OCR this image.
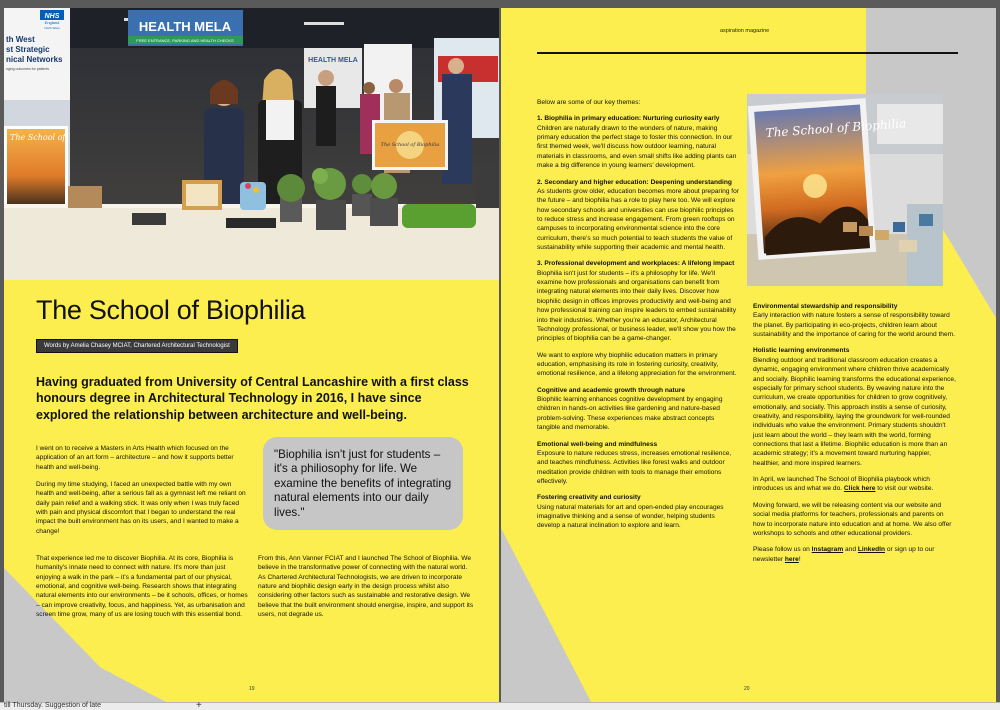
HEALTH MELA
FREE ENTRANCE, PARKING AND HEALTH CHECKS
NHS
England
North West
th West
st Strategic
nical Networks
nging outcomes for patients
The School of
HEALTH MELA
The School of Biophilia
The School of Biophilia
Words by Amelia Chasey MCIAT, Chartered Architectural Technologist

Having graduated from University of Central Lancashire with a first class honours degree in Architectural Technology in 2016, I have since explored the relationship between architecture and well-being.

I went on to receive a Masters in Arts Health which focused on the application of an art form – architecture – and how it supports better health and well-being.

During my time studying, I faced an unexpected battle with my own health and well-being, after a serious fall as a gymnast left me reliant on daily pain relief and a walking stick. It was only when I was truly faced with pain and physical discomfort that I began to understand the real impact the built environment has on its users, and I wanted to make a change!

That experience led me to discover Biophilia. At its core, Biophilia is humanity's innate need to connect with nature. It's more than just enjoying a walk in the park – it's a fundamental part of our physical, emotional, and cognitive well-being. Research shows that integrating natural elements into our environments – be it schools, offices, or homes – can improve creativity, focus, and happiness. Yet, as urbanisation and screen time grow, many of us are losing touch with this essential bond.

From this, Ann Vanner FCIAT and I launched The School of Biophilia. We believe in the transformative power of connecting with the natural world. As Chartered Architectural Technologists, we are driven to incorporate nature and biophilic design early in the design process whilst also considering other factors such as sustainable and restorative design. We believe that the built environment should energise, inspire, and support its users, not degrade us.

"Biophilia isn't just for students – it's a philiosophy for life. We examine the benefits of integrating natural elements into our daily lives."
19
aspiration magazine
The School of Biophilia

Below are some of our key themes:

1. Biophilia in primary education: Nurturing curiosity early

Children are naturally drawn to the wonders of nature, making primary education the perfect stage to foster this connection. In our first themed week, we'll discuss how outdoor learning, natural materials in classrooms, and even small shifts like adding plants can make a big difference in young learners' development.

2. Secondary and higher education: Deepening understanding

As students grow older, education becomes more about preparing for the future – and biophilia has a role to play here too. We will explore how secondary schools and universities can use biophilic principles to reduce stress and increase engagement. From green rooftops on campuses to incorporating environmental science into the core curriculum, there's so much potential to teach students the value of sustainability while supporting their academic and mental health.

3. Professional development and workplaces: A lifelong impact

Biophilia isn't just for students – it's a philosophy for life. We'll examine how professionals and organisations can benefit from integrating natural elements into their daily lives. Discover how biophilic design in offices improves productivity and well-being and how professional training can inspire leaders to embed sustainability into their industries. Whether you're an educator, Architectural Technology professional, or business leader, we'll show you how the principles of biophilia can be a game-changer.

We want to explore why biophilic education matters in primary education, emphasising its role in fostering curiosity, creativity, emotional resilience, and a lifelong appreciation for the environment.

Cognitive and academic growth through nature

Biophilic learning enhances cognitive development by engaging children in hands-on activities like gardening and nature-based problem-solving. These experiences make abstract concepts tangible and memorable.

Emotional well-being and mindfulness

Exposure to nature reduces stress, increases emotional resilience, and teaches mindfulness. Activities like forest walks and outdoor meditation provide children with tools to manage their emotions effectively.

Fostering creativity and curiosity

Using natural materials for art and open-ended play encourages imaginative thinking and a sense of wonder, helping students develop a natural inclination to explore and learn.

Environmental stewardship and responsibility

Early interaction with nature fosters a sense of responsibility toward the planet. By participating in eco-projects, children learn about sustainability and the importance of caring for the world around them.

Holistic learning environments

Blending outdoor and traditional classroom education creates a dynamic, engaging environment where children thrive academically and socially. Biophilic learning transforms the educational experience, especially for primary school students. By weaving nature into the curriculum, we create opportunities for children to grow cognitively, emotionally, and socially. This approach instils a sense of curiosity, creativity, and responsibility, laying the groundwork for well-rounded individuals who value the environment. Primary students shouldn't just learn about the world – they learn with the world, forming connections that last a lifetime. Biophilic education is more than an academic strategy; it's a movement toward nurturing happier, healthier, and more inspired learners.

In April, we launched The School of Biophilia playbook which introduces us and what we do. Click here to visit our website.

Moving forward, we will be releasing content via our website and social media platforms for teachers, professionals and parents on how to incorporate nature into education and at home. We also offer workshops to schools and other educational providers.

Please follow us on Instagram and LinkedIn or sign up to our newsletter here!

20
till Thursday. Suggestion of late	+
